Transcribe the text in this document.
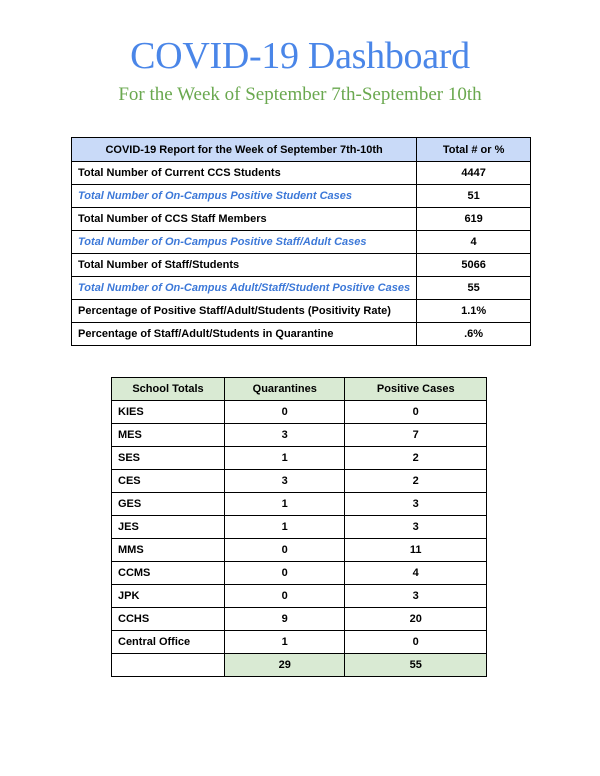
COVID-19 Dashboard
For the Week of September 7th-September 10th
COVID-19 Report for the Week of September 7th-10th	Total # or %
Total Number of Current CCS Students	4447
Total Number of On-Campus Positive Student Cases	51
Total Number of CCS Staff Members	619
Total Number of On-Campus Positive Staff/Adult Cases	4
Total Number of Staff/Students	5066
Total Number of On-Campus Adult/Staff/Student Positive Cases	55
Percentage of Positive Staff/Adult/Students (Positivity Rate)	1.1%
Percentage of Staff/Adult/Students in Quarantine	.6%
School Totals	Quarantines	Positive Cases
KIES	0	0
MES	3	7
SES	1	2
CES	3	2
GES	1	3
JES	1	3
MMS	0	11
CCMS	0	4
JPK	0	3
CCHS	9	20
Central Office	1	0
	29	55
